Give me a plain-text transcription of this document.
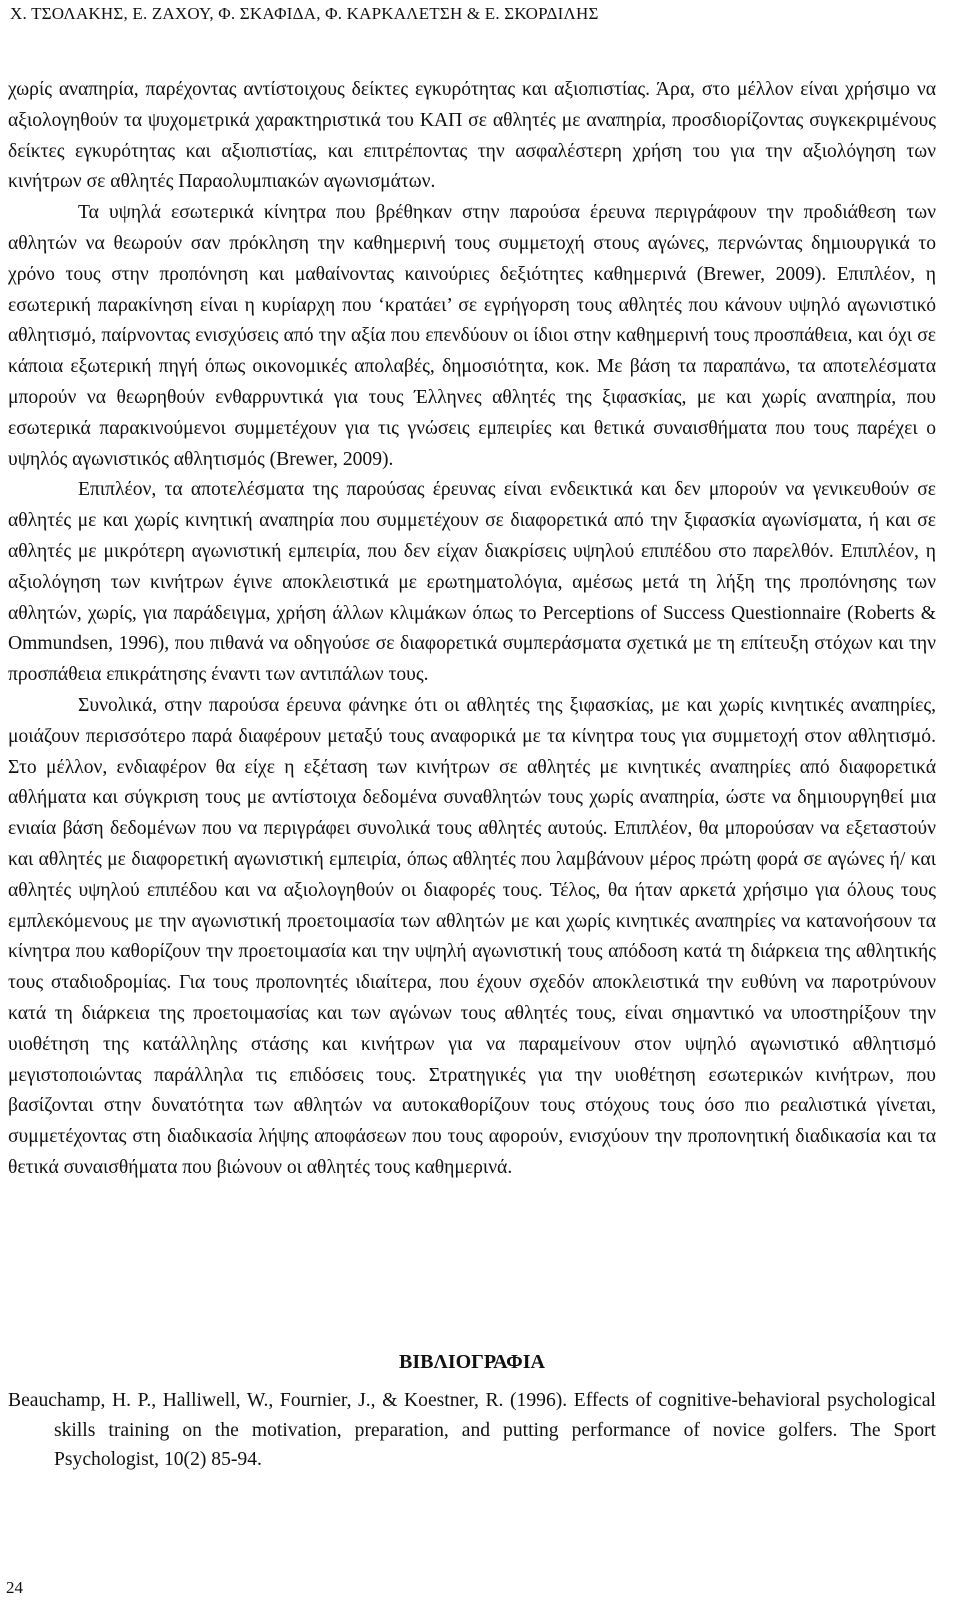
Χ. ΤΣΟΛΑΚΗΣ, Ε. ΖΑΧΟΥ, Φ. ΣΚΑΦΙΔΑ, Φ. ΚΑΡΚΑΛΕΤΣΗ & Ε. ΣΚΟΡΔΙΛΗΣ

χωρίς αναπηρία, παρέχοντας αντίστοιχους δείκτες εγκυρότητας και αξιοπιστίας. Άρα, στο μέλλον είναι χρήσιμο να αξιολογηθούν τα ψυχομετρικά χαρακτηριστικά του ΚΑΠ σε αθλητές με αναπηρία, προσδιορίζοντας συγκεκριμένους δείκτες εγκυρότητας και αξιοπιστίας, και επιτρέποντας την ασφαλέστερη χρήση του για την αξιολόγηση των κινήτρων σε αθλητές Παραολυμπιακών αγωνισμάτων.

Τα υψηλά εσωτερικά κίνητρα που βρέθηκαν στην παρούσα έρευνα περιγράφουν την προδιάθεση των αθλητών να θεωρούν σαν πρόκληση την καθημερινή τους συμμετοχή στους αγώνες, περνώντας δημιουργικά το χρόνο τους στην προπόνηση και μαθαίνοντας καινούριες δεξιότητες καθημερινά (Brewer, 2009). Επιπλέον, η εσωτερική παρακίνηση είναι η κυρίαρχη που ‘κρατάει’ σε εγρήγορση τους αθλητές που κάνουν υψηλό αγωνιστικό αθλητισμό, παίρνοντας ενισχύσεις από την αξία που επενδύουν οι ίδιοι στην καθημερινή τους προσπάθεια, και όχι σε κάποια εξωτερική πηγή όπως οικονομικές απολαβές, δημοσιότητα, κοκ. Με βάση τα παραπάνω, τα αποτελέσματα μπορούν να θεωρηθούν ενθαρρυντικά για τους Έλληνες αθλητές της ξιφασκίας, με και χωρίς αναπηρία, που εσωτερικά παρακινούμενοι συμμετέχουν για τις γνώσεις εμπειρίες και θετικά συναισθήματα που τους παρέχει ο υψηλός αγωνιστικός αθλητισμός (Brewer, 2009).

Επιπλέον, τα αποτελέσματα της παρούσας έρευνας είναι ενδεικτικά και δεν μπορούν να γενικευθούν σε αθλητές με και χωρίς κινητική αναπηρία που συμμετέχουν σε διαφορετικά από την ξιφασκία αγωνίσματα, ή και σε αθλητές με μικρότερη αγωνιστική εμπειρία, που δεν είχαν διακρίσεις υψηλού επιπέδου στο παρελθόν. Επιπλέον, η αξιολόγηση των κινήτρων έγινε αποκλειστικά με ερωτηματολόγια, αμέσως μετά τη λήξη της προπόνησης των αθλητών, χωρίς, για παράδειγμα, χρήση άλλων κλιμάκων όπως το Perceptions of Success Questionnaire (Roberts & Ommundsen, 1996), που πιθανά να οδηγούσε σε διαφορετικά συμπεράσματα σχετικά με τη επίτευξη στόχων και την προσπάθεια επικράτησης έναντι των αντιπάλων τους.

Συνολικά, στην παρούσα έρευνα φάνηκε ότι οι αθλητές της ξιφασκίας, με και χωρίς κινητικές αναπηρίες, μοιάζουν περισσότερο παρά διαφέρουν μεταξύ τους αναφορικά με τα κίνητρα τους για συμμετοχή στον αθλητισμό. Στο μέλλον, ενδιαφέρον θα είχε η εξέταση των κινήτρων σε αθλητές με κινητικές αναπηρίες από διαφορετικά αθλήματα και σύγκριση τους με αντίστοιχα δεδομένα συναθλητών τους χωρίς αναπηρία, ώστε να δημιουργηθεί μια ενιαία βάση δεδομένων που να περιγράφει συνολικά τους αθλητές αυτούς. Επιπλέον, θα μπορούσαν να εξεταστούν και αθλητές με διαφορετική αγωνιστική εμπειρία, όπως αθλητές που λαμβάνουν μέρος πρώτη φορά σε αγώνες ή/ και αθλητές υψηλού επιπέδου και να αξιολογηθούν οι διαφορές τους. Τέλος, θα ήταν αρκετά χρήσιμο για όλους τους εμπλεκόμενους με την αγωνιστική προετοιμασία των αθλητών με και χωρίς κινητικές αναπηρίες να κατανοήσουν τα κίνητρα που καθορίζουν την προετοιμασία και την υψηλή αγωνιστική τους απόδοση κατά τη διάρκεια της αθλητικής τους σταδιοδρομίας. Για τους προπονητές ιδιαίτερα, που έχουν σχεδόν αποκλειστικά την ευθύνη να παροτρύνουν κατά τη διάρκεια της προετοιμασίας και των αγώνων τους αθλητές τους, είναι σημαντικό να υποστηρίξουν την υιοθέτηση της κατάλληλης στάσης και κινήτρων για να παραμείνουν στον υψηλό αγωνιστικό αθλητισμό μεγιστοποιώντας παράλληλα τις επιδόσεις τους. Στρατηγικές για την υιοθέτηση εσωτερικών κινήτρων, που βασίζονται στην δυνατότητα των αθλητών να αυτοκαθορίζουν τους στόχους τους όσο πιο ρεαλιστικά γίνεται, συμμετέχοντας στη διαδικασία λήψης αποφάσεων που τους αφορούν, ενισχύουν την προπονητική διαδικασία και τα θετικά συναισθήματα που βιώνουν οι αθλητές τους καθημερινά.

ΒΙΒΛΙΟΓΡΑΦΙΑ
Beauchamp, H. P., Halliwell, W., Fournier, J., & Koestner, R. (1996). Effects of cognitive-behavioral psychological skills training on the motivation, preparation, and putting performance of novice golfers. The Sport Psychologist, 10(2) 85-94.
24
